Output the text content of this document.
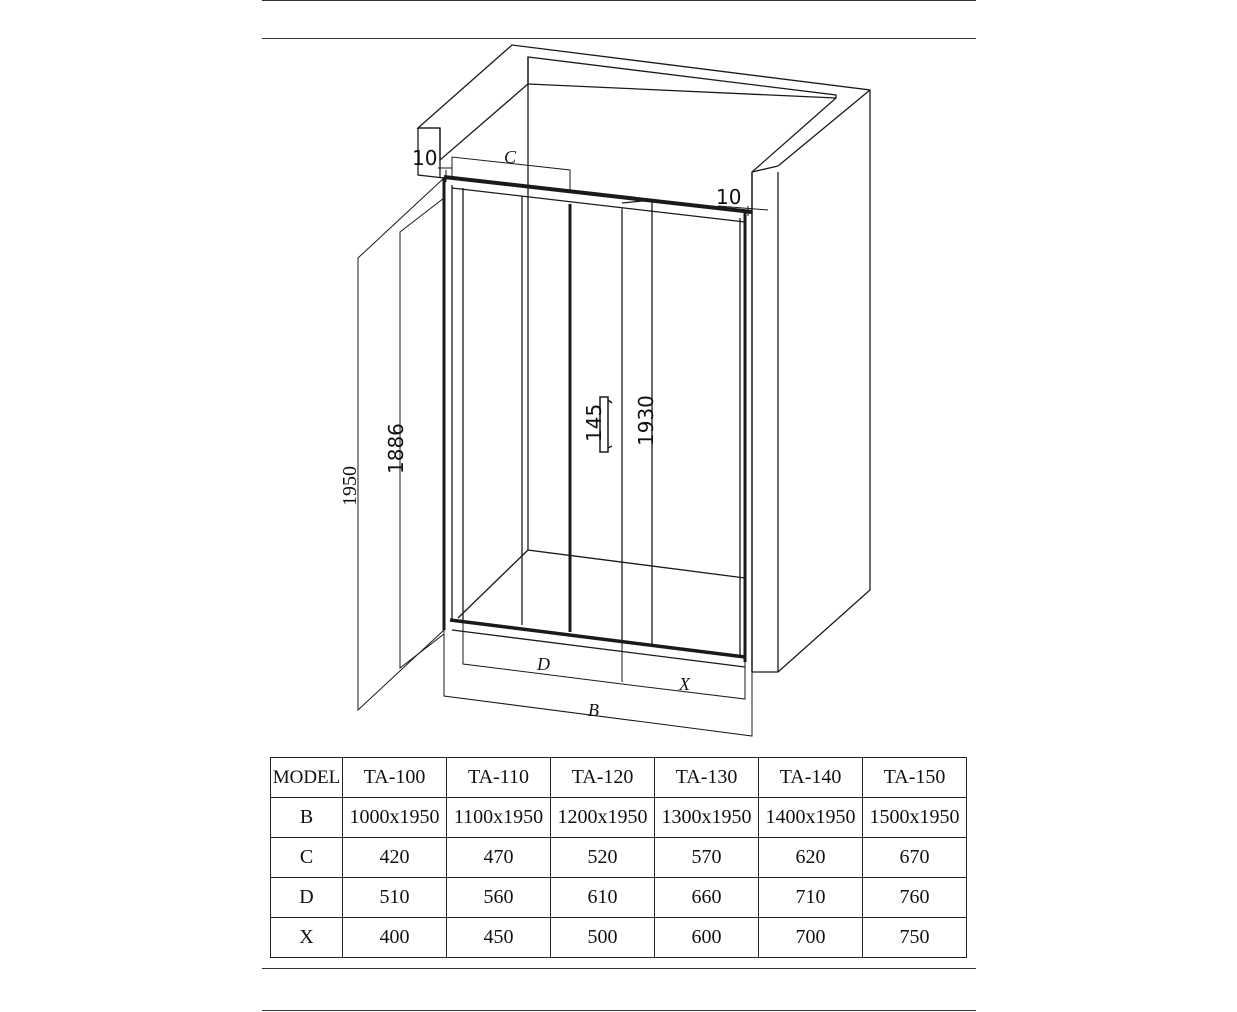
C
10
10
1950
1886
145 1930
D
X
B
MODEL	TA-100	TA-110	TA-120	TA-130	TA-140	TA-150
B	1000x1950	1100x1950	1200x1950	1300x1950	1400x1950	1500x1950
C	420	470	520	570	620	670
D	510	560	610	660	710	760
X	400	450	500	600	700	750
